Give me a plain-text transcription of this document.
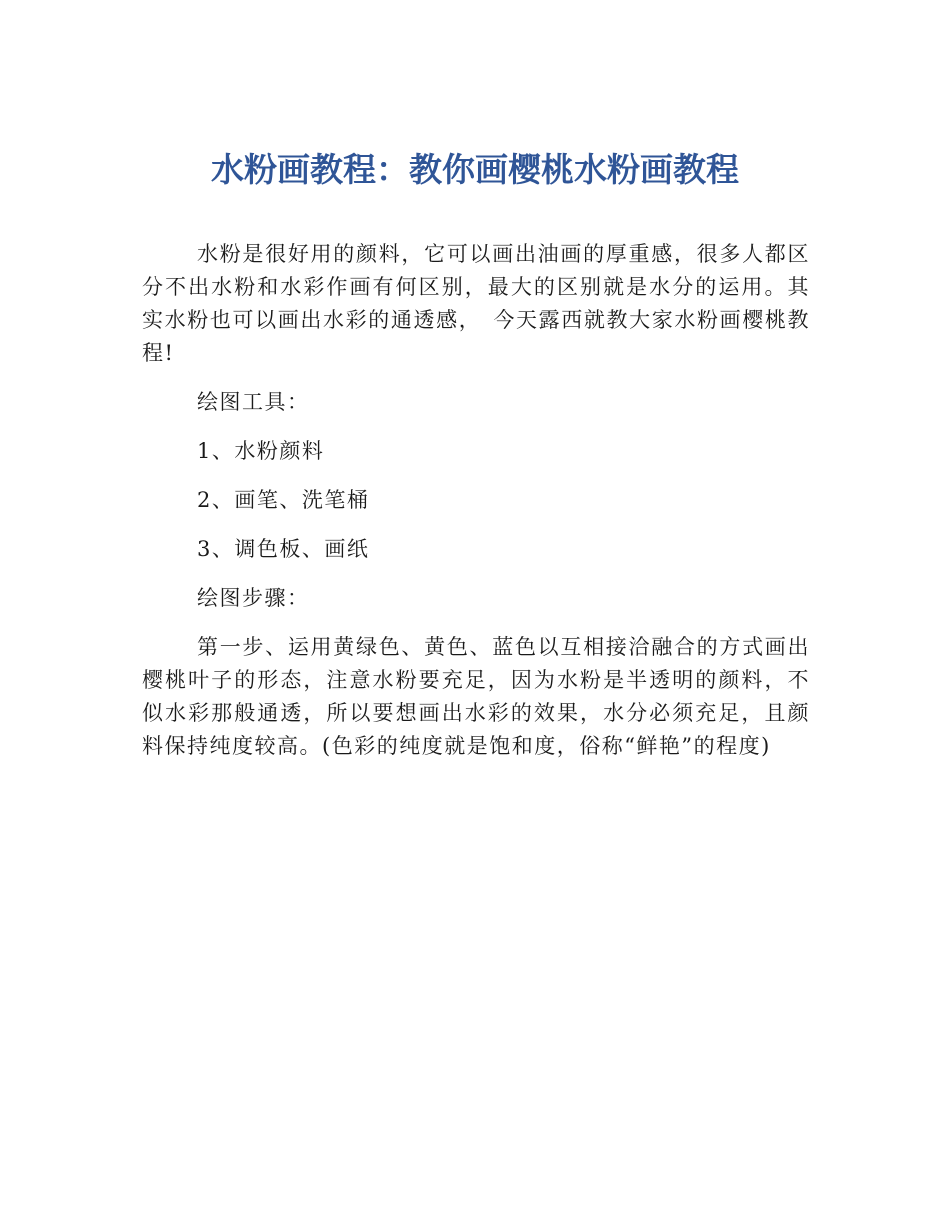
水粉画教程：教你画樱桃水粉画教程

水粉是很好用的颜料，它可以画出油画的厚重感，很多人都区分不出水粉和水彩作画有何区别，最大的区别就是水分的运用。其实水粉也可以画出水彩的通透感，　今天露西就教大家水粉画樱桃教程!

绘图工具：

1、水粉颜料

2、画笔、洗笔桶

3、调色板、画纸

绘图步骤：

第一步、运用黄绿色、黄色、蓝色以互相接洽融合的方式画出樱桃叶子的形态，注意水粉要充足，因为水粉是半透明的颜料，不似水彩那般通透，所以要想画出水彩的效果，水分必须充足，且颜料保持纯度较高。(色彩的纯度就是饱和度，俗称“鲜艳”的程度)
